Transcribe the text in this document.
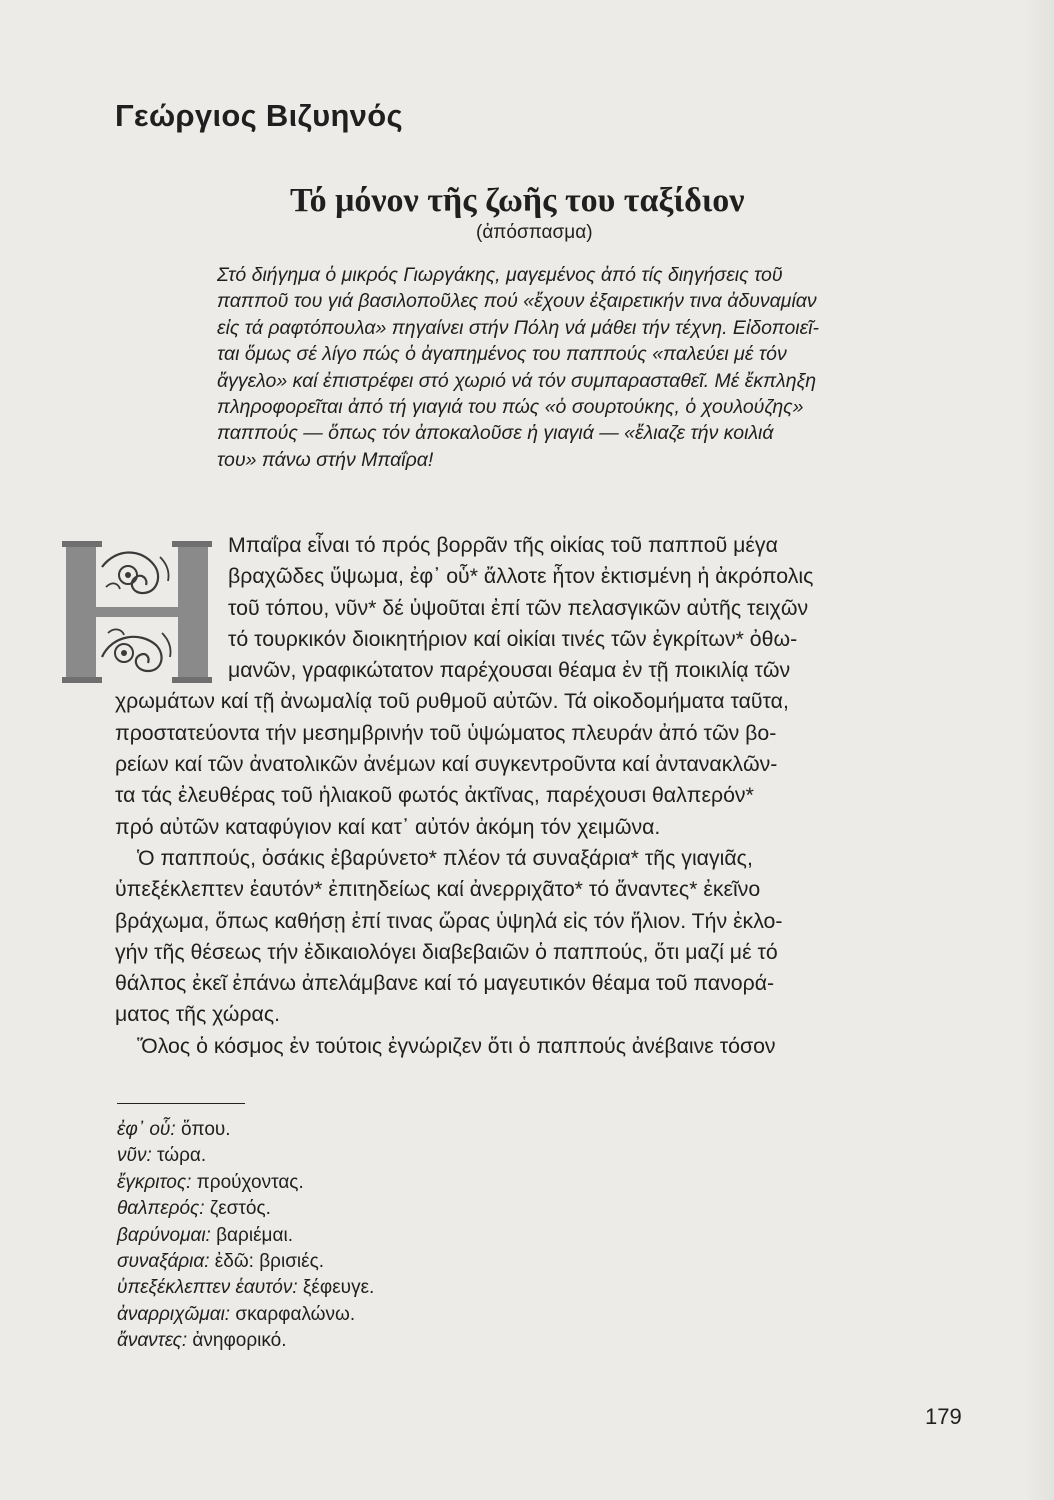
Γεώργιος Βιζυηνός
Τό μόνον τῆς ζωῆς του ταξίδιον
(ἀπόσπασμα)
Στό διήγημα ὁ μικρός Γιωργάκης, μαγεμένος ἀπό τίς διηγήσεις τοῦ
παπποῦ του γιά βασιλοποῦλες πού «ἔχουν ἐξαιρετικήν τινα ἀδυναμίαν
εἰς τά ραφτόπουλα» πηγαίνει στήν Πόλη νά μάθει τήν τέχνη. Εἰδοποιεῖ-
ται ὅμως σέ λίγο πώς ὁ ἀγαπημένος του παππούς «παλεύει μέ τόν
ἄγγελο» καί ἐπιστρέφει στό χωριό νά τόν συμπαρασταθεῖ. Μέ ἔκπληξη
πληροφορεῖται ἀπό τή γιαγιά του πώς «ὁ σουρτούκης, ὁ χουλούζης»
παππούς — ὅπως τόν ἀποκαλοῦσε ἡ γιαγιά — «ἔλιαζε τήν κοιλιά
του» πάνω στήν Μπαΐρα!
Η	Μπαΐρα εἶναι τό πρός βορρᾶν τῆς οἰκίας τοῦ παπποῦ μέγα
βραχῶδες ὕψωμα, ἐφ᾽ οὗ* ἄλλοτε ἦτον ἐκτισμένη ἡ ἀκρόπολις
τοῦ τόπου, νῦν* δέ ὑψοῦται ἐπί τῶν πελασγικῶν αὐτῆς τειχῶν
τό τουρκικόν διοικητήριον καί οἰκίαι τινές τῶν ἐγκρίτων* ὀθω-
μανῶν, γραφικώτατον παρέχουσαι θέαμα ἐν τῇ ποικιλίᾳ τῶν
χρωμάτων καί τῇ ἀνωμαλίᾳ τοῦ ρυθμοῦ αὐτῶν. Τά οἰκοδομήματα ταῦτα,
προστατεύοντα τήν μεσημβρινήν τοῦ ὑψώματος πλευράν ἀπό τῶν βο-
ρείων καί τῶν ἀνατολικῶν ἀνέμων καί συγκεντροῦντα καί ἀντανακλῶν-
τα τάς ἐλευθέρας τοῦ ἡλιακοῦ φωτός ἀκτῖνας, παρέχουσι θαλπερόν*
πρό αὐτῶν καταφύγιον καί κατ᾽ αὐτόν ἀκόμη τόν χειμῶνα.
Ὁ παππούς, ὁσάκις ἐβαρύνετο* πλέον τά συναξάρια* τῆς γιαγιᾶς,
ὑπεξέκλεπτεν ἑαυτόν* ἐπιτηδείως καί ἀνερριχᾶτο* τό ἄναντες* ἐκεῖνο
βράχωμα, ὅπως καθήσῃ ἐπί τινας ὥρας ὑψηλά εἰς τόν ἥλιον. Τήν ἐκλο-
γήν τῆς θέσεως τήν ἐδικαιολόγει διαβεβαιῶν ὁ παππούς, ὅτι μαζί μέ τό
θάλπος ἐκεῖ ἐπάνω ἀπελάμβανε καί τό μαγευτικόν θέαμα τοῦ πανορά-
ματος τῆς χώρας.
Ὅλος ὁ κόσμος ἐν τούτοις ἐγνώριζεν ὅτι ὁ παππούς ἀνέβαινε τόσον
ἐφ᾽ οὗ: ὅπου.
νῦν: τώρα.
ἔγκριτος: προύχοντας.
θαλπερός: ζεστός.
βαρύνομαι: βαριέμαι.
συναξάρια: ἐδῶ: βρισιές.
ὑπεξέκλεπτεν ἑαυτόν: ξέφευγε.
ἀναρριχῶμαι: σκαρφαλώνω.
ἄναντες: ἀνηφορικό.
179
